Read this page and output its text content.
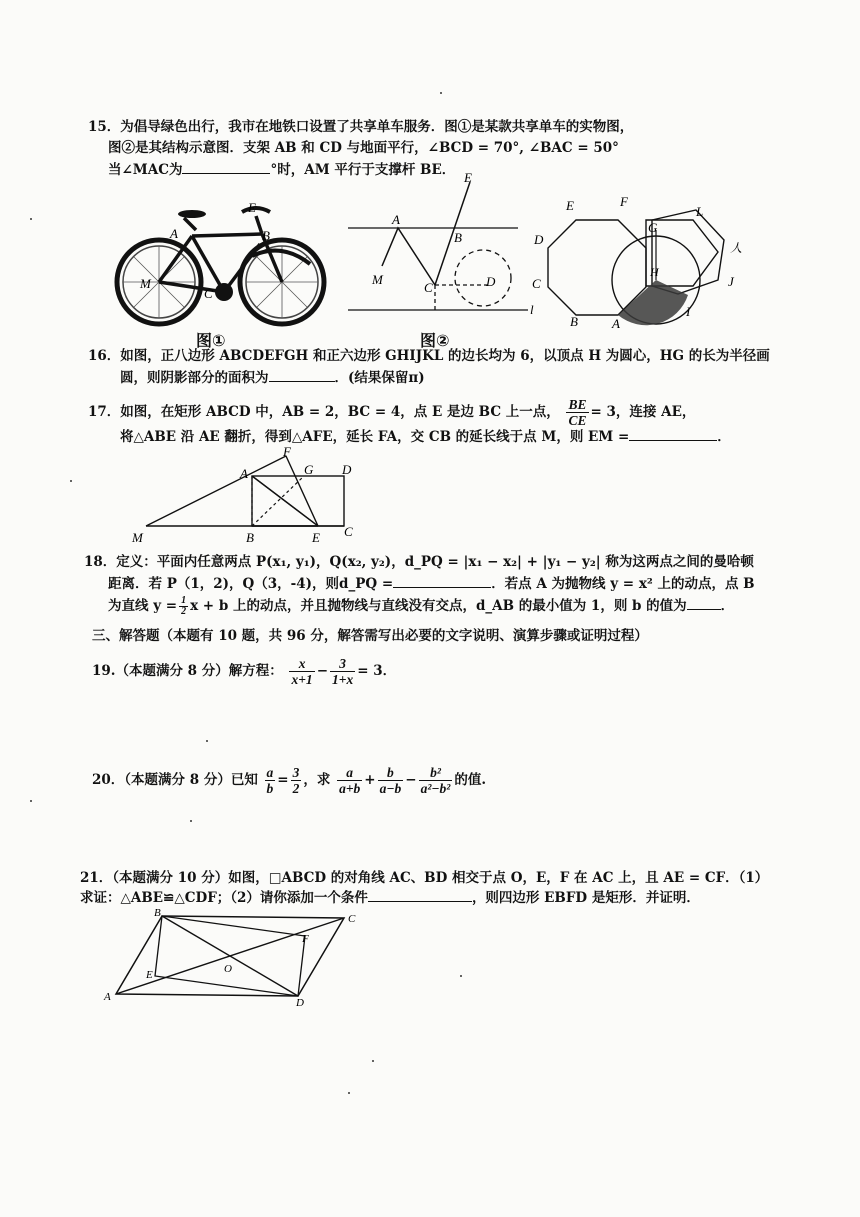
15．为倡导绿色出行，我市在地铁口设置了共享单车服务．图①是某款共享单车的实物图，
图②是其结构示意图．支架 AB 和 CD 与地面平行，∠BCD = 70°, ∠BAC = 50°
当∠MAC为	°时，AM 平行于支撑杆 BE．
E
A	B
M
C
图①
E
A
B
M
C	D
l
图②
E	F
L
D
G
人
C
H
J
B	A
I
16．如图，正八边形 ABCDEFGH 和正六边形 GHIJKL 的边长均为 6，以顶点 H 为圆心，HG 的长为半径画
圆，则阴影部分的面积为	．(结果保留π)
17．如图，在矩形 ABCD 中，AB = 2，BC = 4，点 E 是边 BC 上一点， $\frac{BE}{CE} = 3$，连接 AE，
将△ABE 沿 AE 翻折，得到△AFE，延长 FA，交 CB 的延长线于点 M，则 EM =	．
F
A	G D
M	B	E C
18．定义：平面内任意两点 P(x₁, y₁)，Q(x₂, y₂)，d_PQ = |x₁ − x₂| + |y₁ − y₂| 称为这两点之间的曼哈顿
距离．若 P（1，2)，Q（3，-4)，则d_PQ =	．若点 A 为抛物线 y = x² 上的动点，点 B
为直线 $y = \frac{1}{2}$ x + b 上的动点，并且抛物线与直线没有交点，d_AB 的最小值为 1，则 b 的值为	．
三、解答题（本题有 10 题，共 96 分，解答需写出必要的文字说明、演算步骤或证明过程）
19.（本题满分 8 分）解方程： $\frac{x}{x+1} - \frac{3}{1+x} = 3$．
20．（本题满分 8 分）已知 $\frac{a}{b} = \frac{3}{2}$ ，求 $\frac{a}{a+b} + \frac{b}{a-b} - \frac{\text{b²}}{\text{a²−b²}}$ 的值.
21．（本题满分 10 分）如图，□ABCD 的对角线 AC、BD 相交于点 O，E，F 在 AC 上，且 AE = CF．（1）
求证：△ABE≌△CDF；（2）请你添加一个条件	，则四边形 EBFD 是矩形．并证明．
B	C
F
E	O
A	D
